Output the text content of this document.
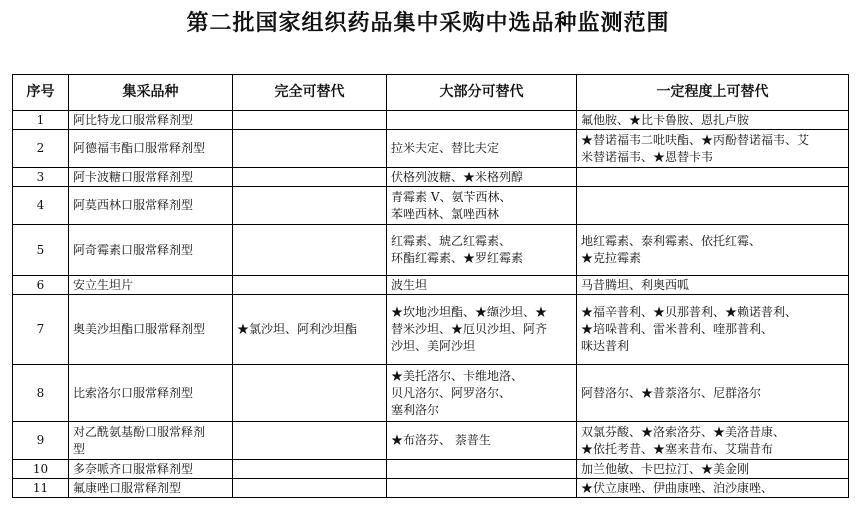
第二批国家组织药品集中采购中选品种监测范围
序号	集采品种	完全可替代	大部分可替代	一定程度上可替代
1	阿比特龙口服常释剂型			氟他胺、★比卡鲁胺、恩扎卢胺
2	阿德福韦酯口服常释剂型		拉米夫定、替比夫定	★替诺福韦二吡呋酯、★丙酚替诺福韦、艾
米替诺福韦、★恩替卡韦
3	阿卡波糖口服常释剂型		伏格列波糖、★米格列醇	
4	阿莫西林口服常释剂型		青霉素 V、氨苄西林、
苯唑西林、氯唑西林	
5	阿奇霉素口服常释剂型		红霉素、琥乙红霉素、
环酯红霉素、★罗红霉素	地红霉素、泰利霉素、依托红霉、
★克拉霉素
6	安立生坦片		波生坦	马昔腾坦、利奥西呱
7	奥美沙坦酯口服常释剂型	★氯沙坦、阿利沙坦酯	★坎地沙坦酯、★缬沙坦、★
替米沙坦、★厄贝沙坦、阿齐
沙坦、美阿沙坦	★福辛普利、★贝那普利、★赖诺普利、
★培哚普利、雷米普利、喹那普利、
咪达普利
8	比索洛尔口服常释剂型		★美托洛尔、卡维地洛、
贝凡洛尔、阿罗洛尔、
塞利洛尔	阿替洛尔、★普萘洛尔、尼群洛尔
9	对乙酰氨基酚口服常释剂
型		★布洛芬、 萘普生	双氯芬酸、★洛索洛芬、★美洛昔康、
★依托考昔、★塞来昔布、艾瑞昔布
10	多奈哌齐口服常释剂型			加兰他敏、卡巴拉汀、★美金刚
11	氟康唑口服常释剂型			★伏立康唑、伊曲康唑、泊沙康唑、
